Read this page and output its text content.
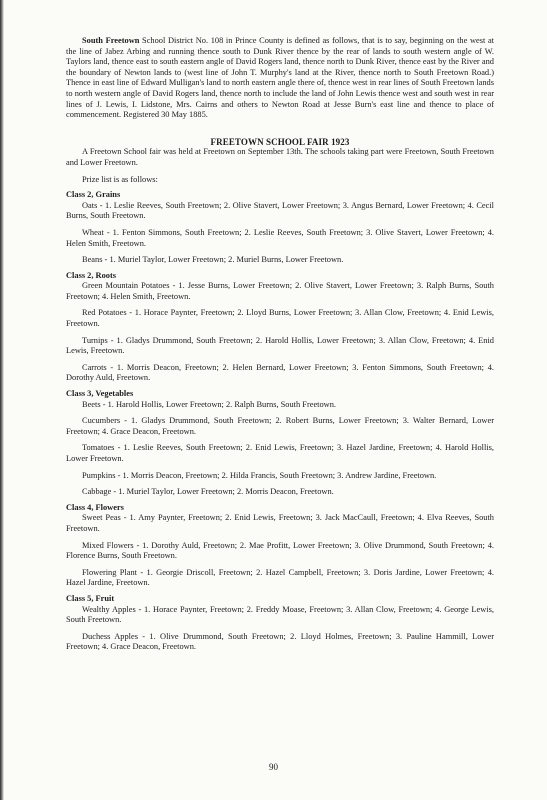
South Freetown School District No. 108 in Prince County is defined as follows, that is to say, beginning on the west at the line of Jabez Arbing and running thence south to Dunk River thence by the rear of lands to south western angle of W. Taylors land, thence east to south eastern angle of David Rogers land, thence north to Dunk River, thence east by the River and the boundary of Newton lands to (west line of John T. Murphy's land at the River, thence north to South Freetown Road.) Thence in east line of Edward Mulligan's land to north eastern angle there of, thence west in rear lines of South Freetown lands to north western angle of David Rogers land, thence north to include the land of John Lewis thence west and south west in rear lines of J. Lewis, I. Lidstone, Mrs. Cairns and others to Newton Road at Jesse Burn's east line and thence to place of commencement. Registered 30 May 1885.

FREETOWN SCHOOL FAIR 1923

A Freetown School fair was held at Freetown on September 13th. The schools taking part were Freetown, South Freetown and Lower Freetown.

Prize list is as follows:

Class 2, Grains

Oats - 1. Leslie Reeves, South Freetown; 2. Olive Stavert, Lower Freetown; 3. Angus Bernard, Lower Freetown; 4. Cecil Burns, South Freetown.

Wheat - 1. Fenton Simmons, South Freetown; 2. Leslie Reeves, South Freetown; 3. Olive Stavert, Lower Freetown; 4. Helen Smith, Freetown.

Beans - 1. Muriel Taylor, Lower Freetown; 2. Muriel Burns, Lower Freetown.

Class 2, Roots

Green Mountain Potatoes - 1. Jesse Burns, Lower Freetown; 2. Olive Stavert, Lower Freetown; 3. Ralph Burns, South Freetown; 4. Helen Smith, Freetown.

Red Potatoes - 1. Horace Paynter, Freetown; 2. Lloyd Burns, Lower Freetown; 3. Allan Clow, Freetown; 4. Enid Lewis, Freetown.

Turnips - 1. Gladys Drummond, South Freetown; 2. Harold Hollis, Lower Freetown; 3. Allan Clow, Freetown; 4. Enid Lewis, Freetown.

Carrots - 1. Morris Deacon, Freetown; 2. Helen Bernard, Lower Freetown; 3. Fenton Simmons, South Freetown; 4. Dorothy Auld, Freetown.

Class 3, Vegetables

Beets - 1. Harold Hollis, Lower Freetown; 2. Ralph Burns, South Freetown.

Cucumbers - 1. Gladys Drummond, South Freetown; 2. Robert Burns, Lower Freetown; 3. Walter Bernard, Lower Freetown; 4. Grace Deacon, Freetown.

Tomatoes - 1. Leslie Reeves, South Freetown; 2. Enid Lewis, Freetown; 3. Hazel Jardine, Freetown; 4. Harold Hollis, Lower Freetown.

Pumpkins - 1. Morris Deacon, Freetown; 2. Hilda Francis, South Freetown; 3. Andrew Jardine, Freetown.

Cabbage - 1. Muriel Taylor, Lower Freetown; 2. Morris Deacon, Freetown.

Class 4, Flowers

Sweet Peas - 1. Amy Paynter, Freetown; 2. Enid Lewis, Freetown; 3. Jack MacCaull, Freetown; 4. Elva Reeves, South Freetown.

Mixed Flowers - 1. Dorothy Auld, Freetown; 2. Mae Profitt, Lower Freetown; 3. Olive Drummond, South Freetown; 4. Florence Burns, South Freetown.

Flowering Plant - 1. Georgie Driscoll, Freetown; 2. Hazel Campbell, Freetown; 3. Doris Jardine, Lower Freetown; 4. Hazel Jardine, Freetown.

Class 5, Fruit

Wealthy Apples - 1. Horace Paynter, Freetown; 2. Freddy Moase, Freetown; 3. Allan Clow, Freetown; 4. George Lewis, South Freetown.

Duchess Apples - 1. Olive Drummond, South Freetown; 2. Lloyd Holmes, Freetown; 3. Pauline Hammill, Lower Freetown; 4. Grace Deacon, Freetown.

90
